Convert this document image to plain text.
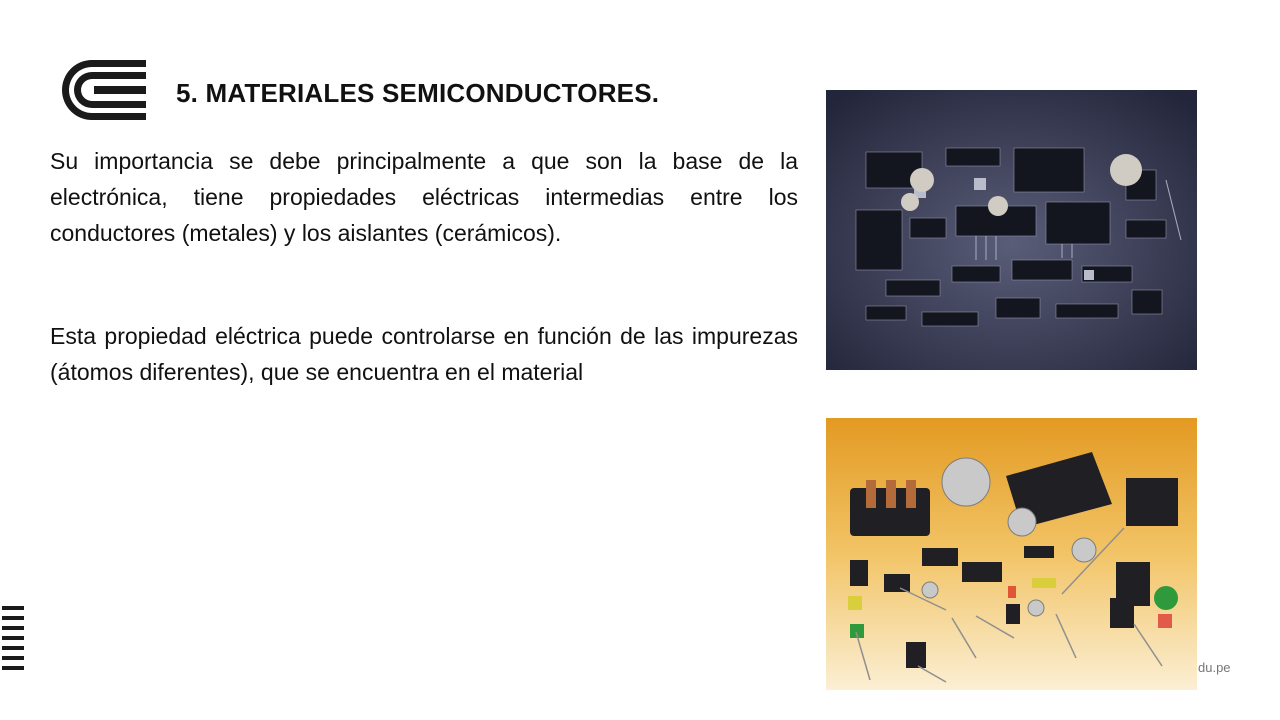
5. MATERIALES SEMICONDUCTORES.

Su importancia se debe principalmente a que son la base de la electrónica, tiene propiedades eléctricas intermedias entre los conductores (metales) y los aislantes (cerámicos).

Esta propiedad eléctrica puede controlarse en función de las impurezas (átomos diferentes), que se encuentra en el material

du.pe
